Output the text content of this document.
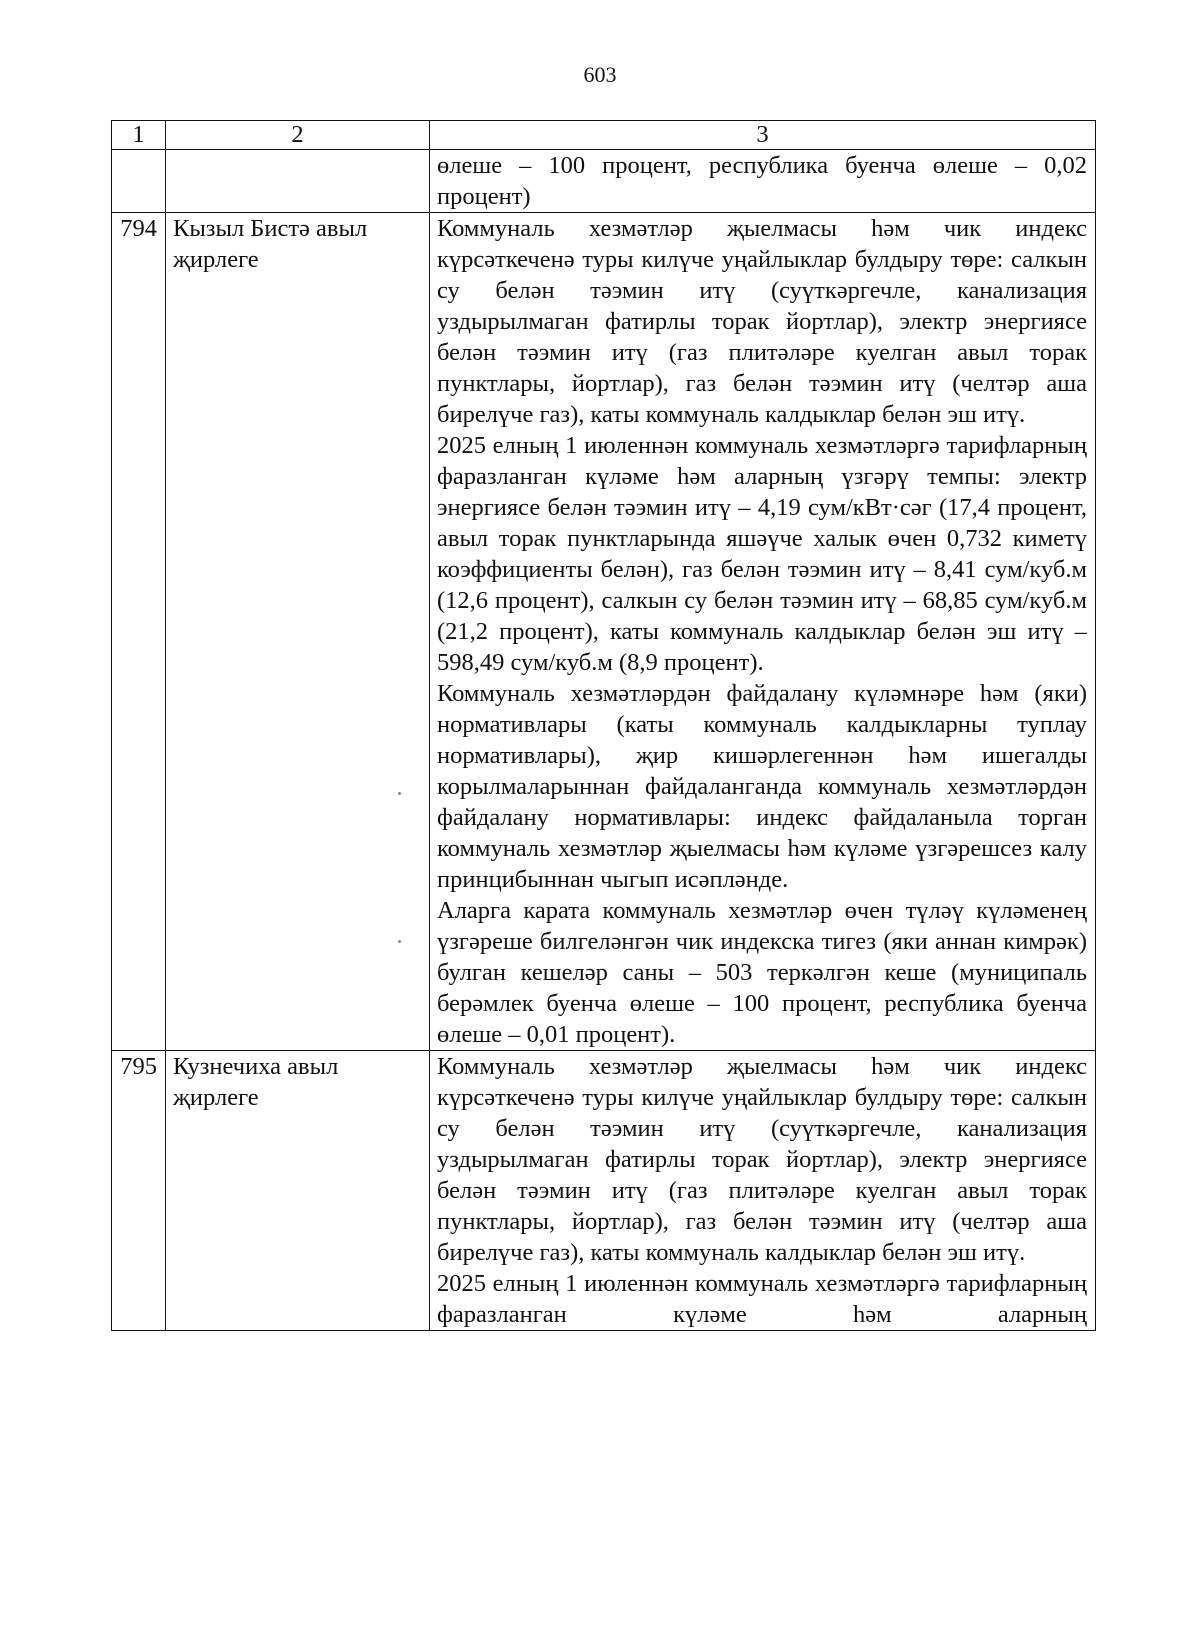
603
1	2	3
		өлеше – 100 процент, республика буенча өлеше – 0,02 процент)
794	Кызыл Бистә авыл җирлеге	Коммуналь хезмәтләр җыелмасы һәм чик индекс күрсәткеченә туры килүче уңайлыклар булдыру төре: салкын су белән тәэмин итү (суүткәргечле, канализация уздырылмаган фатирлы торак йортлар), электр энергиясе белән тәэмин итү (газ плитәләре куелган авыл торак пунктлары, йортлар), газ белән тәэмин итү (челтәр аша бирелүче газ), каты коммуналь калдыклар белән эш итү.

2025 елның 1 июленнән коммуналь хезмәтләргә тарифларның фаразланган күләме һәм аларның үзгәрү темпы: электр энергиясе белән тәэмин итү – 4,19 сум/кВт·сәг (17,4 процент, авыл торак пунктларында яшәүче халык өчен 0,732 киметү коэффициенты белән), газ белән тәэмин итү – 8,41 сум/куб.м (12,6 процент), салкын су белән тәэмин итү – 68,85 сум/куб.м (21,2 процент), каты коммуналь калдыклар белән эш итү – 598,49 сум/куб.м (8,9 процент).

Коммуналь хезмәтләрдән файдалану күләмнәре һәм (яки) нормативлары (каты коммуналь калдыкларны туплау нормативлары), җир кишәрлегеннән һәм ишегалды корылмаларыннан файдаланганда коммуналь хезмәтләрдән файдалану нормативлары: индекс файдаланыла торган коммуналь хезмәтләр җыелмасы һәм күләме үзгәрешсез калу принцибыннан чыгып исәпләнде.

Аларга карата коммуналь хезмәтләр өчен түләү күләменең үзгәреше билгеләнгән чик индекска тигез (яки аннан кимрәк) булган кешеләр саны – 503 теркәлгән кеше (муниципаль берәмлек буенча өлеше – 100 процент, республика буенча өлеше – 0,01 процент).

795	Кузнечиха авыл җирлеге	Коммуналь хезмәтләр җыелмасы һәм чик индекс күрсәткеченә туры килүче уңайлыклар булдыру төре: салкын су белән тәэмин итү (суүткәргечле, канализация уздырылмаган фатирлы торак йортлар), электр энергиясе белән тәэмин итү (газ плитәләре куелган авыл торак пунктлары, йортлар), газ белән тәэмин итү (челтәр аша бирелүче газ), каты коммуналь калдыклар белән эш итү.

2025 елның 1 июленнән коммуналь хезмәтләргә тарифларның фаразланган күләме һәм аларның
